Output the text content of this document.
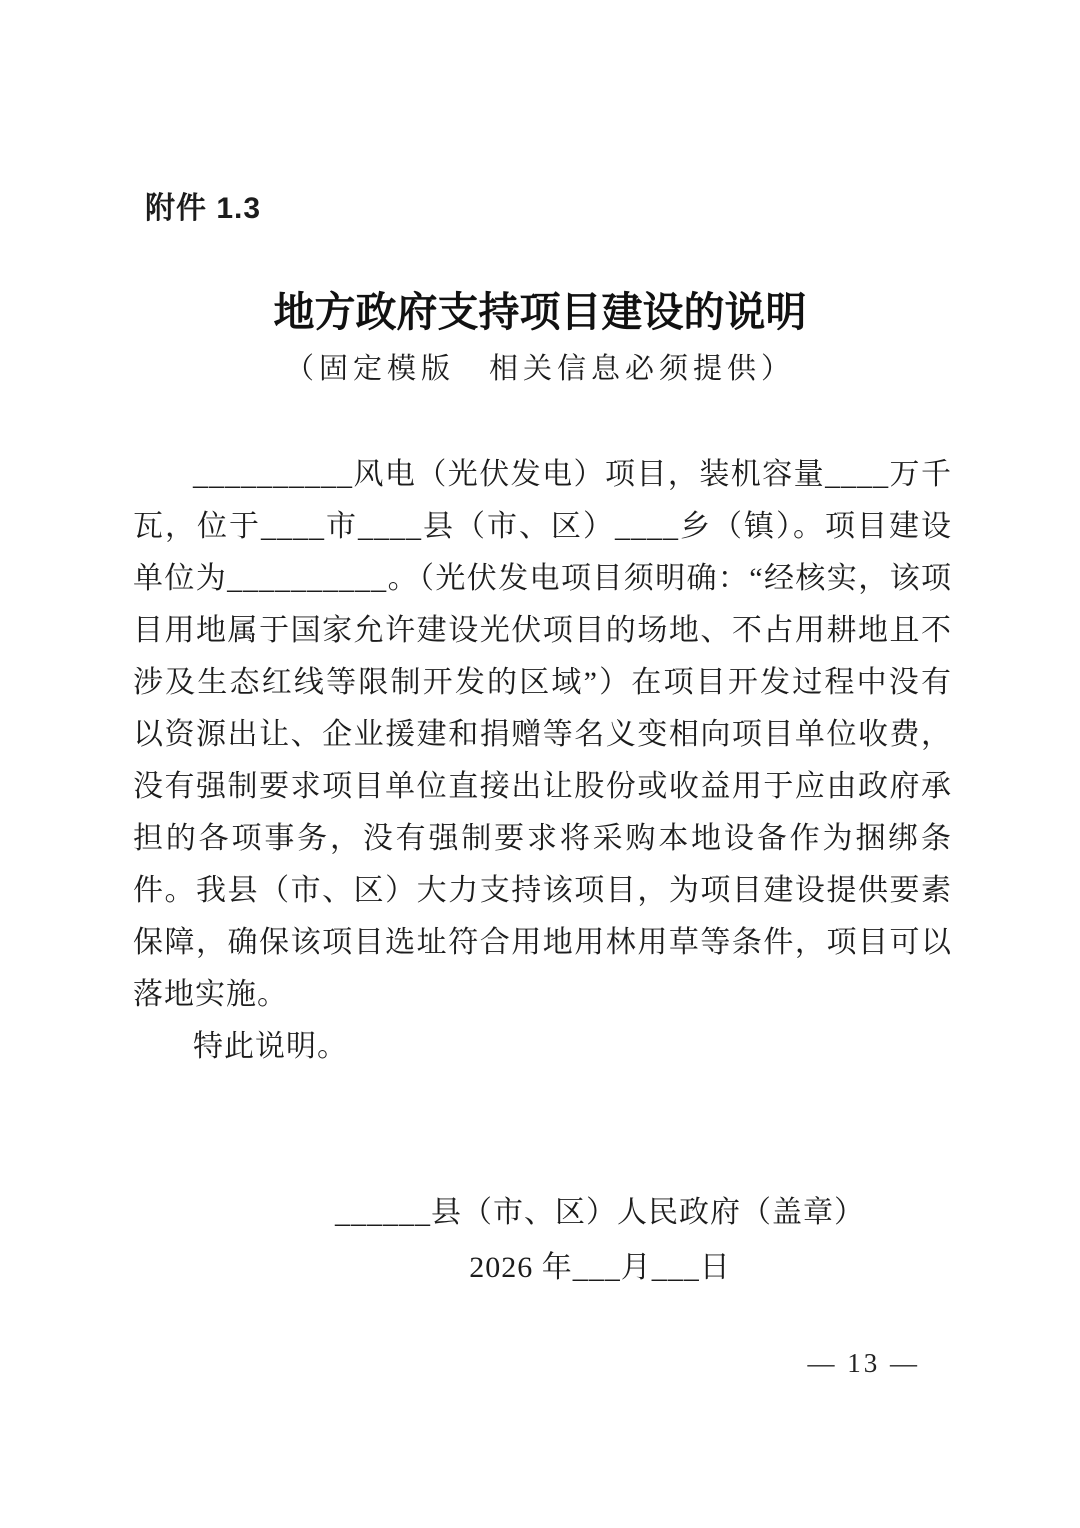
附件 1.3
地方政府支持项目建设的说明
（固定模版　相关信息必须提供）

__________风电（光伏发电）项目，装机容量____万千瓦，位于____市____县（市、区）____乡（镇）。项目建设单位为__________。（光伏发电项目须明确：“经核实，该项目用地属于国家允许建设光伏项目的场地、不占用耕地且不涉及生态红线等限制开发的区域”）在项目开发过程中没有以资源出让、企业援建和捐赠等名义变相向项目单位收费，没有强制要求项目单位直接出让股份或收益用于应由政府承担的各项事务，没有强制要求将采购本地设备作为捆绑条件。我县（市、区）大力支持该项目，为项目建设提供要素保障，确保该项目选址符合用地用林用草等条件，项目可以落地实施。

特此说明。

______县（市、区）人民政府（盖章）
2026 年___月___日
— 13 —
